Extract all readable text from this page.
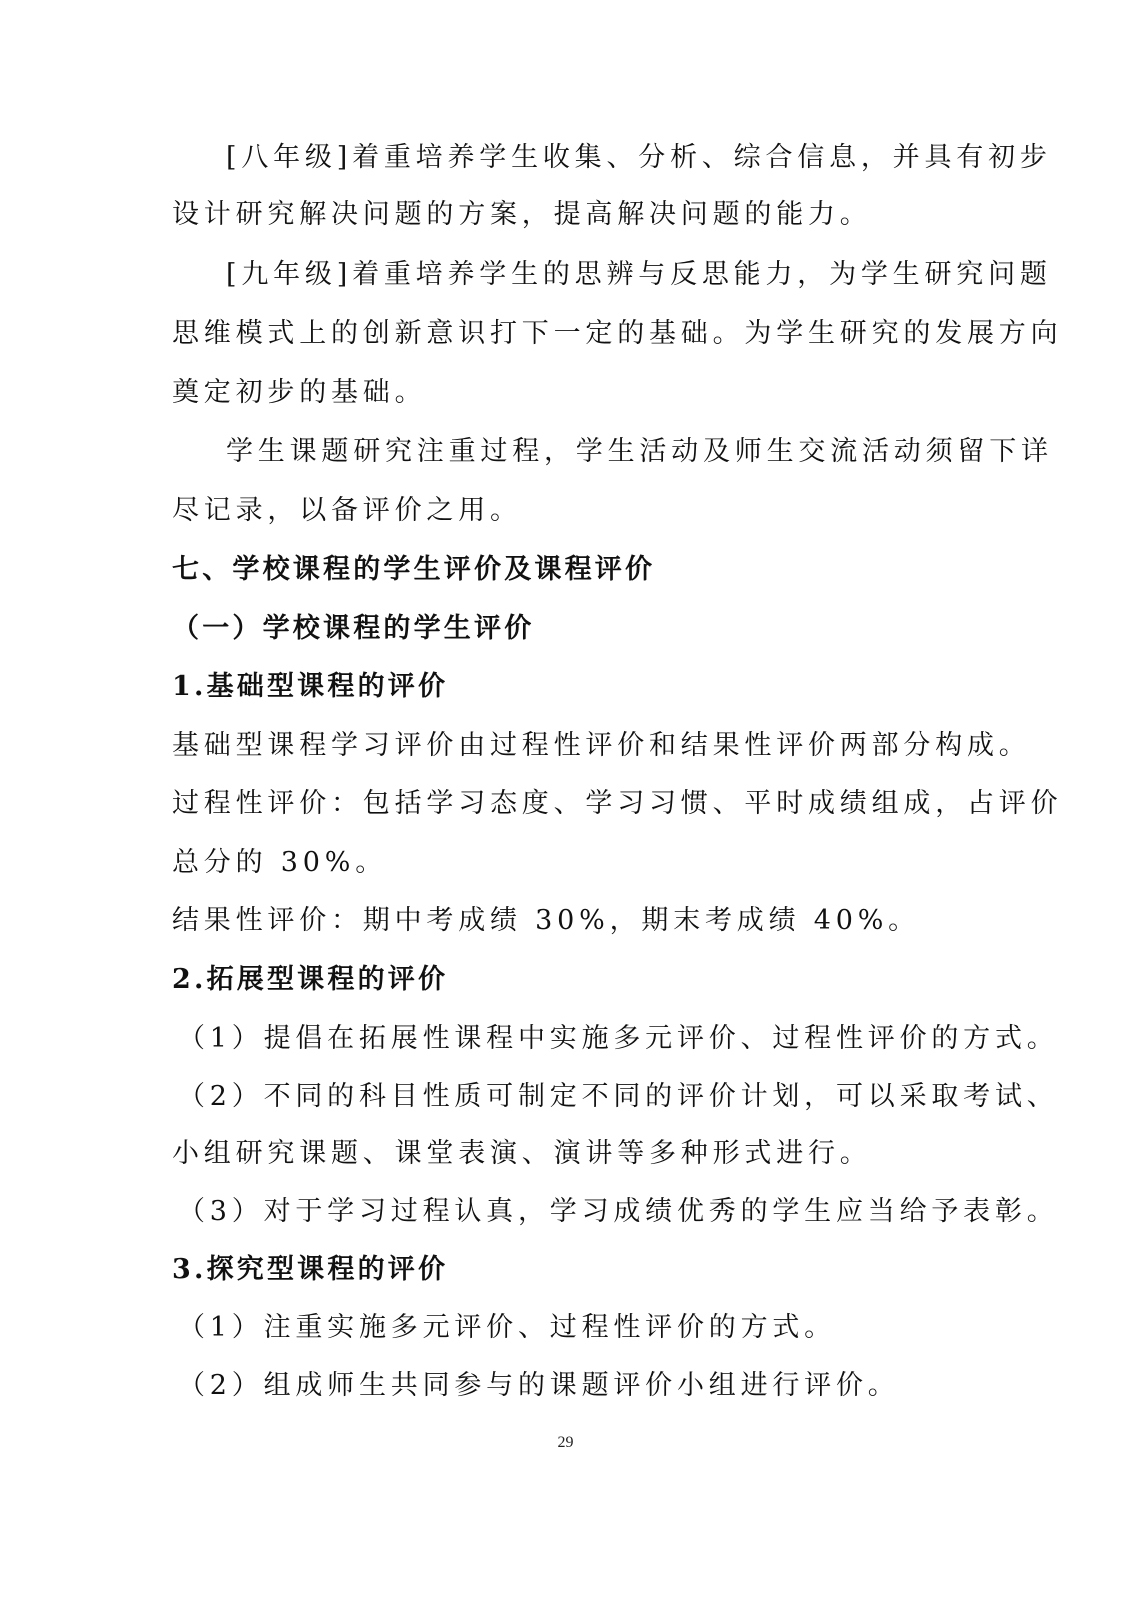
[八年级]着重培养学生收集、分析、综合信息，并具有初步
设计研究解决问题的方案，提高解决问题的能力。
[九年级]着重培养学生的思辨与反思能力，为学生研究问题
思维模式上的创新意识打下一定的基础。为学生研究的发展方向
奠定初步的基础。
学生课题研究注重过程，学生活动及师生交流活动须留下详
尽记录，以备评价之用。
七、学校课程的学生评价及课程评价
（一）学校课程的学生评价
1.基础型课程的评价
基础型课程学习评价由过程性评价和结果性评价两部分构成。
过程性评价：包括学习态度、学习习惯、平时成绩组成，占评价
总分的 30%。
结果性评价：期中考成绩 30%，期末考成绩 40%。
2.拓展型课程的评价
（1）提倡在拓展性课程中实施多元评价、过程性评价的方式。
（2）不同的科目性质可制定不同的评价计划，可以采取考试、
小组研究课题、课堂表演、演讲等多种形式进行。
（3）对于学习过程认真，学习成绩优秀的学生应当给予表彰。
3.探究型课程的评价
（1）注重实施多元评价、过程性评价的方式。
（2）组成师生共同参与的课题评价小组进行评价。
29
